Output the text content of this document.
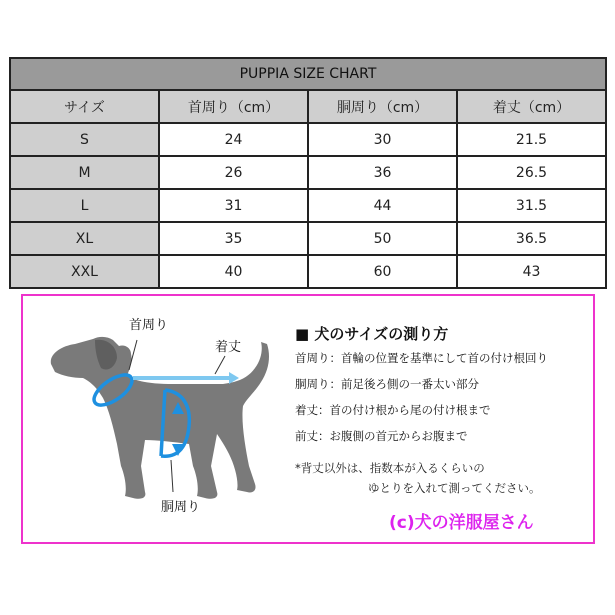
PUPPIA SIZE CHART			
サイズ	首周り（cm）	胴周り（cm）	着丈（cm）
S	24	30	21.5
M	26	36	26.5
L	31	44	31.5
XL	35	50	36.5
XXL	40	60	43
首周り
着丈
胴周り
■ 犬のサイズの測り方
首周り：首輪の位置を基準にして首の付け根回り
胴周り：前足後ろ側の一番太い部分
着丈：首の付け根から尾の付け根まで
前丈：お腹側の首元からお腹まで
*背丈以外は、指数本が入るくらいの
ゆとりを入れて測ってください。
(c)犬の洋服屋さん
